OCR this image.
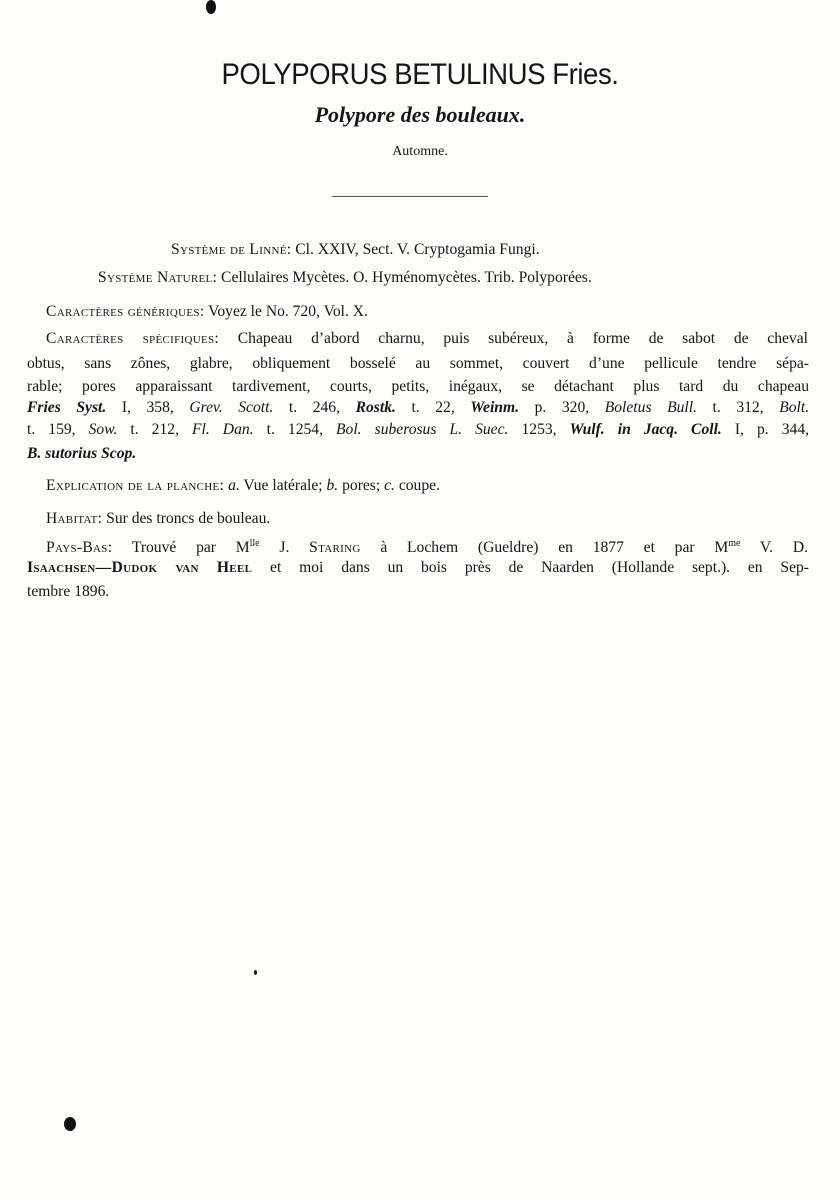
POLYPORUS BETULINUS Fries.
Polypore des bouleaux.
Automne.
Système de Linné: Cl. XXIV, Sect. V. Cryptogamia Fungi.
Système Naturel: Cellulaires Mycètes. O. Hyménomycètes. Trib. Polyporées.
Caractères génériques: Voyez le No. 720, Vol. X.
Caractères spécifiques: Chapeau d’abord charnu, puis subéreux, à forme de sabot de cheval
obtus, sans zônes, glabre, obliquement bosselé au sommet, couvert d’une pellicule tendre sépa-
rable; pores apparaissant tardivement, courts, petits, inégaux, se détachant plus tard du chapeau
Fries Syst. I, 358, Grev. Scott. t. 246, Rostk. t. 22, Weinm. p. 320, Boletus Bull. t. 312, Bolt.
t. 159, Sow. t. 212, Fl. Dan. t. 1254, Bol. suberosus L. Suec. 1253, Wulf. in Jacq. Coll. I, p. 344,
B. sutorius Scop.
Explication de la planche: a. Vue latérale; b. pores; c. coupe.
Habitat: Sur des troncs de bouleau.
Pays-Bas: Trouvé par $M^{lle}$ J. Staring à Lochem (Gueldre) en 1877 et par $M^{me}$ V. D.
Isaachsen—Dudok van Heel et moi dans un bois près de Naarden (Hollande sept.). en Sep-
tembre 1896.
